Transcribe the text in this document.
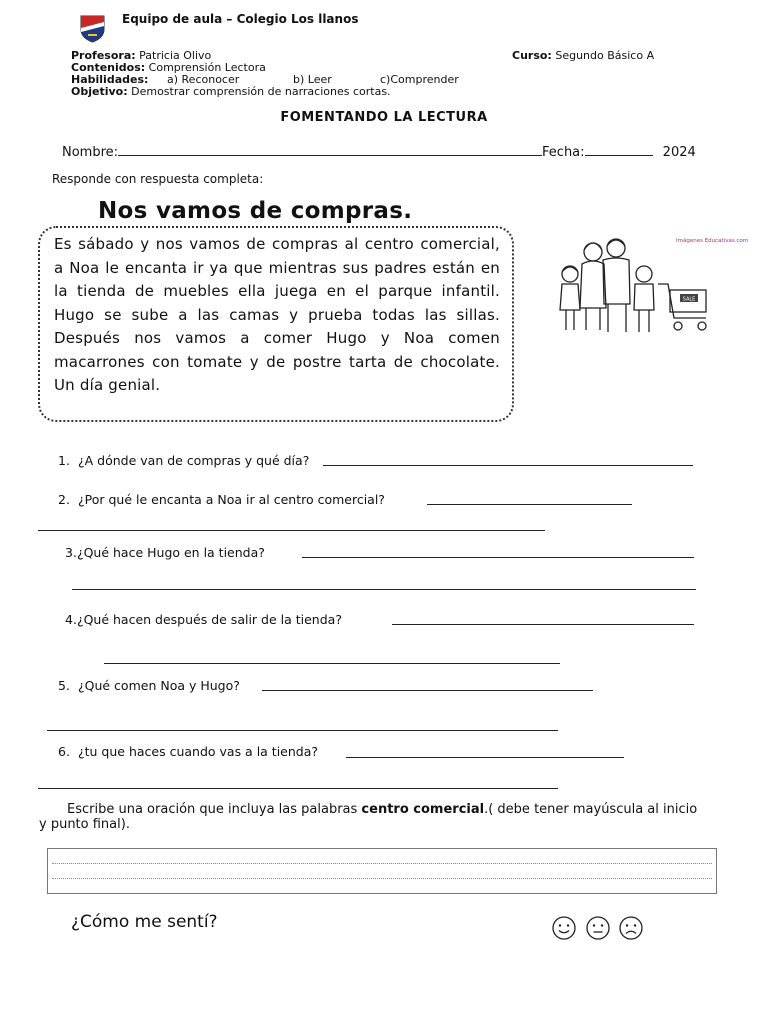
Equipo de aula – Colegio Los llanos
Profesora: Patricia Olivo	Curso: Segundo Básico A
Contenidos: Comprensión Lectora
Habilidades: a) Reconocer	b) Leer	c)Comprender
Objetivo: Demostrar comprensión de narraciones cortas.
FOMENTANDO LA LECTURA
Nombre:	Fecha:	2024
Responde con respuesta completa:
Nos vamos de compras.
Es sábado y nos vamos de compras al centro comercial, a Noa le encanta ir ya que mientras sus padres están en la tienda de muebles ella juega en el parque infantil. Hugo se sube a las camas y prueba todas las sillas. Después nos vamos a comer Hugo y Noa comen macarrones con tomate y de postre tarta de chocolate. Un día genial.
SALE
Imágenes Educativas.com
1. ¿A dónde van de compras y qué día?
2. ¿Por qué le encanta a Noa ir al centro comercial?
3.¿Qué hace Hugo en la tienda?
4.¿Qué hacen después de salir de la tienda?
5. ¿Qué comen Noa y Hugo?
6. ¿tu que haces cuando vas a la tienda?
Escribe una oración que incluya las palabras centro comercial.( debe tener mayúscula al inicio y punto final).
¿Cómo me sentí?
